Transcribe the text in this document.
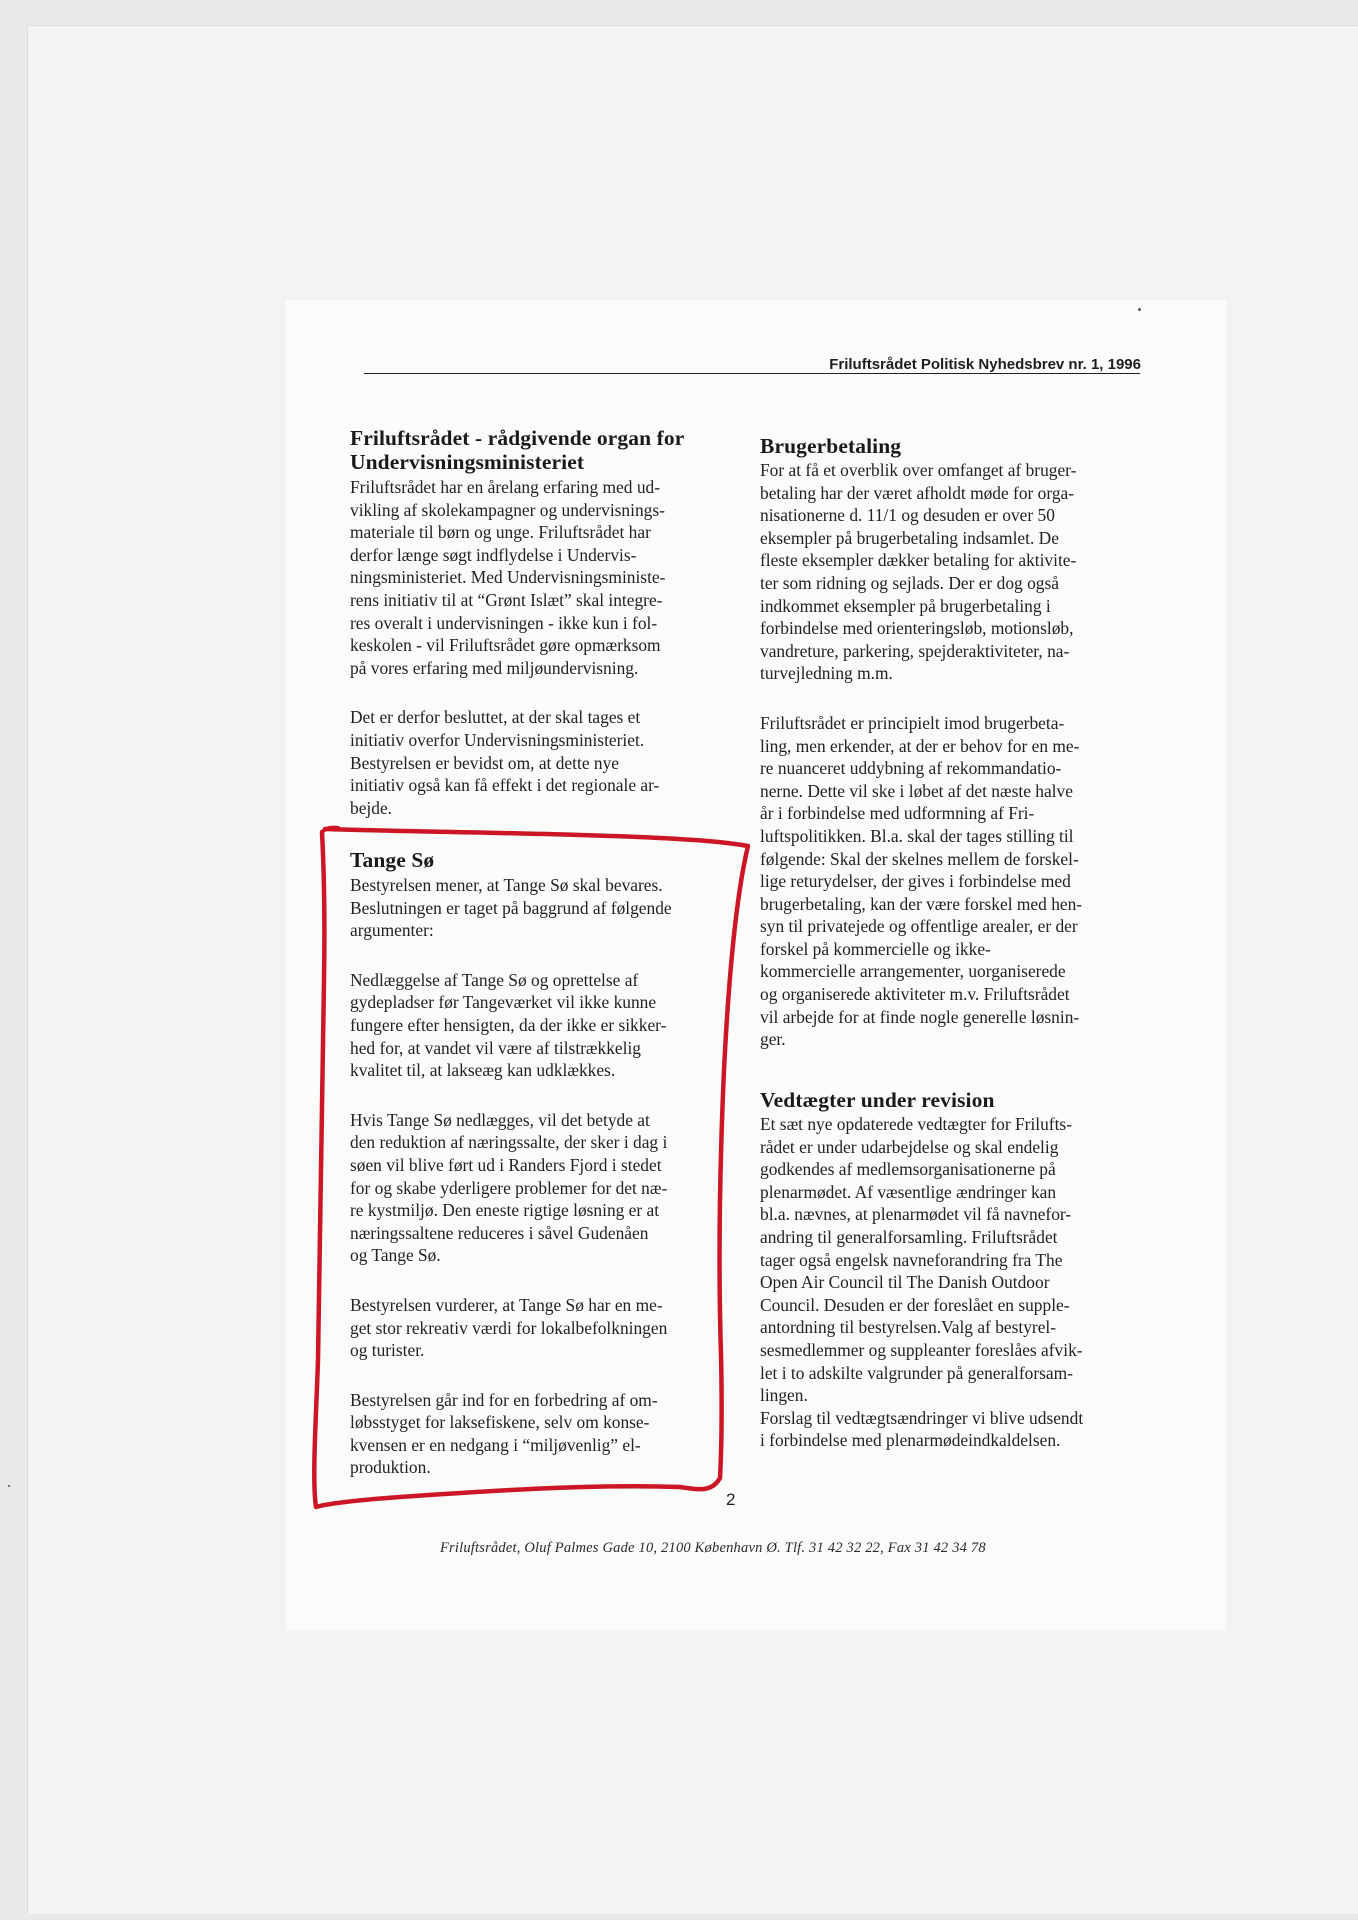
Friluftsrådet Politisk Nyhedsbrev nr. 1, 1996
Friluftsrådet - rådgivende organ for
Undervisningsministeriet
Friluftsrådet har en årelang erfaring med ud-
vikling af skolekampagner og undervisnings-
materiale til børn og unge. Friluftsrådet har
derfor længe søgt indflydelse i Undervis-
ningsministeriet. Med Undervisningsministe-
rens initiativ til at “Grønt Islæt” skal integre-
res overalt i undervisningen - ikke kun i fol-
keskolen - vil Friluftsrådet gøre opmærksom
på vores erfaring med miljøundervisning.
Det er derfor besluttet, at der skal tages et
initiativ overfor Undervisningsministeriet.
Bestyrelsen er bevidst om, at dette nye
initiativ også kan få effekt i det regionale ar-
bejde.
Tange Sø
Bestyrelsen mener, at Tange Sø skal bevares.
Beslutningen er taget på baggrund af følgende
argumenter:
Nedlæggelse af Tange Sø og oprettelse af
gydepladser før Tangeværket vil ikke kunne
fungere efter hensigten, da der ikke er sikker-
hed for, at vandet vil være af tilstrækkelig
kvalitet til, at lakseæg kan udklækkes.
Hvis Tange Sø nedlægges, vil det betyde at
den reduktion af næringssalte, der sker i dag i
søen vil blive ført ud i Randers Fjord i stedet
for og skabe yderligere problemer for det næ-
re kystmiljø. Den eneste rigtige løsning er at
næringssaltene reduceres i såvel Gudenåen
og Tange Sø.
Bestyrelsen vurderer, at Tange Sø har en me-
get stor rekreativ værdi for lokalbefolkningen
og turister.
Bestyrelsen går ind for en forbedring af om-
løbsstyget for laksefiskene, selv om konse-
kvensen er en nedgang i “miljøvenlig” el-
produktion.
Brugerbetaling
For at få et overblik over omfanget af bruger-
betaling har der været afholdt møde for orga-
nisationerne d. 11/1 og desuden er over 50
eksempler på brugerbetaling indsamlet. De
fleste eksempler dækker betaling for aktivite-
ter som ridning og sejlads. Der er dog også
indkommet eksempler på brugerbetaling i
forbindelse med orienteringsløb, motionsløb,
vandreture, parkering, spejderaktiviteter, na-
turvejledning m.m.
Friluftsrådet er principielt imod brugerbeta-
ling, men erkender, at der er behov for en me-
re nuanceret uddybning af rekommandatio-
nerne. Dette vil ske i løbet af det næste halve
år i forbindelse med udformning af Fri-
luftspolitikken. Bl.a. skal der tages stilling til
følgende: Skal der skelnes mellem de forskel-
lige returydelser, der gives i forbindelse med
brugerbetaling, kan der være forskel med hen-
syn til privatejede og offentlige arealer, er der
forskel på kommercielle og ikke-
kommercielle arrangementer, uorganiserede
og organiserede aktiviteter m.v. Friluftsrådet
vil arbejde for at finde nogle generelle løsnin-
ger.
Vedtægter under revision
Et sæt nye opdaterede vedtægter for Frilufts-
rådet er under udarbejdelse og skal endelig
godkendes af medlemsorganisationerne på
plenarmødet. Af væsentlige ændringer kan
bl.a. nævnes, at plenarmødet vil få navnefor-
andring til generalforsamling. Friluftsrådet
tager også engelsk navneforandring fra The
Open Air Council til The Danish Outdoor
Council. Desuden er der foreslået en supple-
antordning til bestyrelsen.Valg af bestyrel-
sesmedlemmer og suppleanter foreslåes afvik-
let i to adskilte valgrunder på generalforsam-
lingen.
Forslag til vedtægtsændringer vi blive udsendt
i forbindelse med plenarmødeindkaldelsen.
2
Friluftsrådet, Oluf Palmes Gade 10, 2100 København Ø. Tlf. 31 42 32 22, Fax 31 42 34 78
